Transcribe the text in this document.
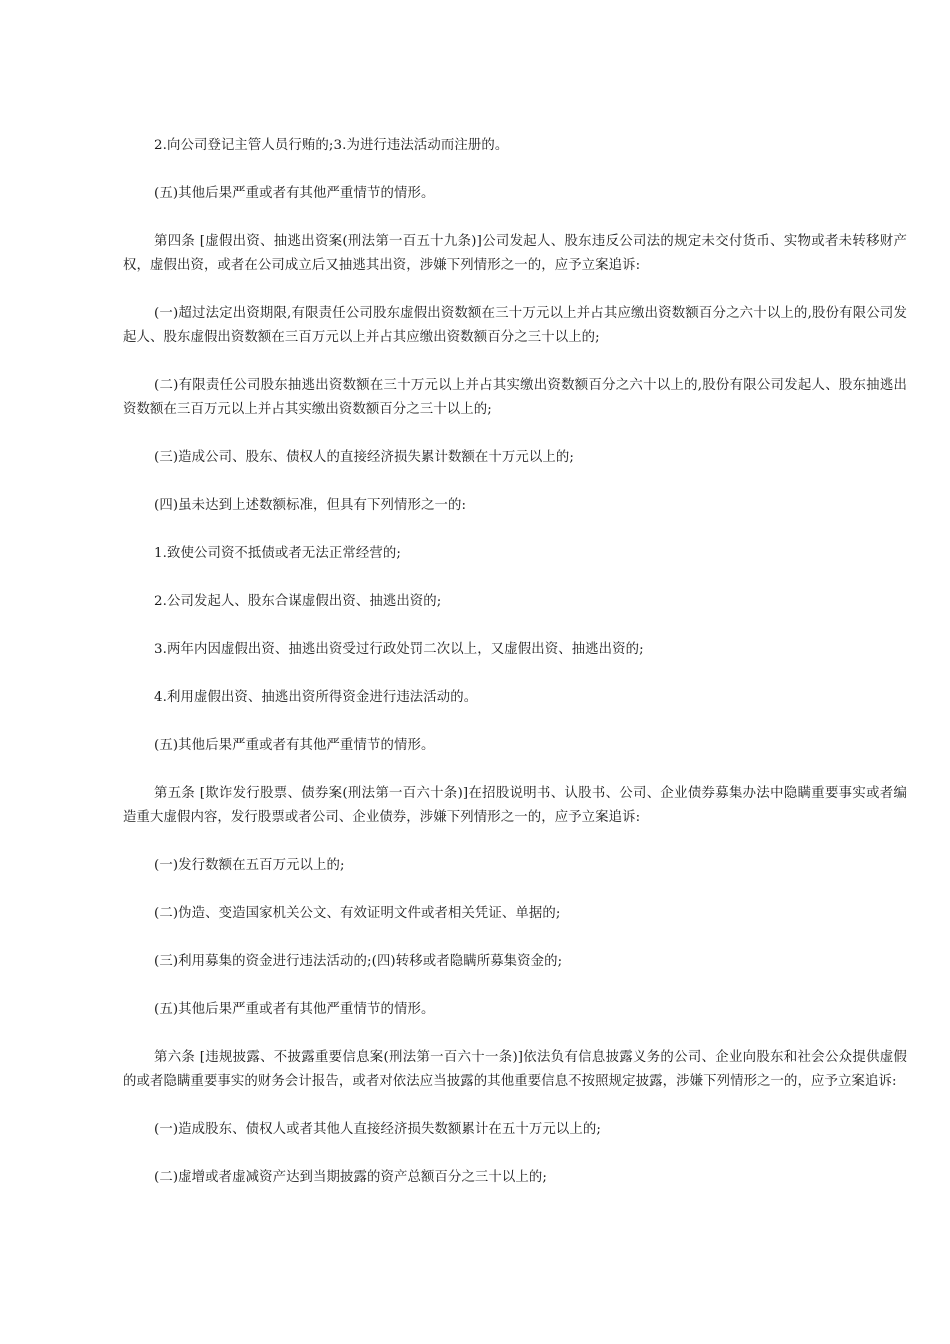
2.向公司登记主管人员行贿的;3.为进行违法活动而注册的。

(五)其他后果严重或者有其他严重情节的情形。

第四条 [虚假出资、抽逃出资案(刑法第一百五十九条)]公司发起人、股东违反公司法的规定未交付货币、实物或者未转移财产权，虚假出资，或者在公司成立后又抽逃其出资，涉嫌下列情形之一的，应予立案追诉:

(一)超过法定出资期限,有限责任公司股东虚假出资数额在三十万元以上并占其应缴出资数额百分之六十以上的,股份有限公司发起人、股东虚假出资数额在三百万元以上并占其应缴出资数额百分之三十以上的;

(二)有限责任公司股东抽逃出资数额在三十万元以上并占其实缴出资数额百分之六十以上的,股份有限公司发起人、股东抽逃出资数额在三百万元以上并占其实缴出资数额百分之三十以上的;

(三)造成公司、股东、债权人的直接经济损失累计数额在十万元以上的;

(四)虽未达到上述数额标准，但具有下列情形之一的:

1.致使公司资不抵债或者无法正常经营的;

2.公司发起人、股东合谋虚假出资、抽逃出资的;

3.两年内因虚假出资、抽逃出资受过行政处罚二次以上，又虚假出资、抽逃出资的;

4.利用虚假出资、抽逃出资所得资金进行违法活动的。

(五)其他后果严重或者有其他严重情节的情形。

第五条 [欺诈发行股票、债券案(刑法第一百六十条)]在招股说明书、认股书、公司、企业债券募集办法中隐瞒重要事实或者编造重大虚假内容，发行股票或者公司、企业债券，涉嫌下列情形之一的，应予立案追诉:

(一)发行数额在五百万元以上的;

(二)伪造、变造国家机关公文、有效证明文件或者相关凭证、单据的;

(三)利用募集的资金进行违法活动的;(四)转移或者隐瞒所募集资金的;

(五)其他后果严重或者有其他严重情节的情形。

第六条 [违规披露、不披露重要信息案(刑法第一百六十一条)]依法负有信息披露义务的公司、企业向股东和社会公众提供虚假的或者隐瞒重要事实的财务会计报告，或者对依法应当披露的其他重要信息不按照规定披露，涉嫌下列情形之一的，应予立案追诉:

(一)造成股东、债权人或者其他人直接经济损失数额累计在五十万元以上的;

(二)虚增或者虚减资产达到当期披露的资产总额百分之三十以上的;
